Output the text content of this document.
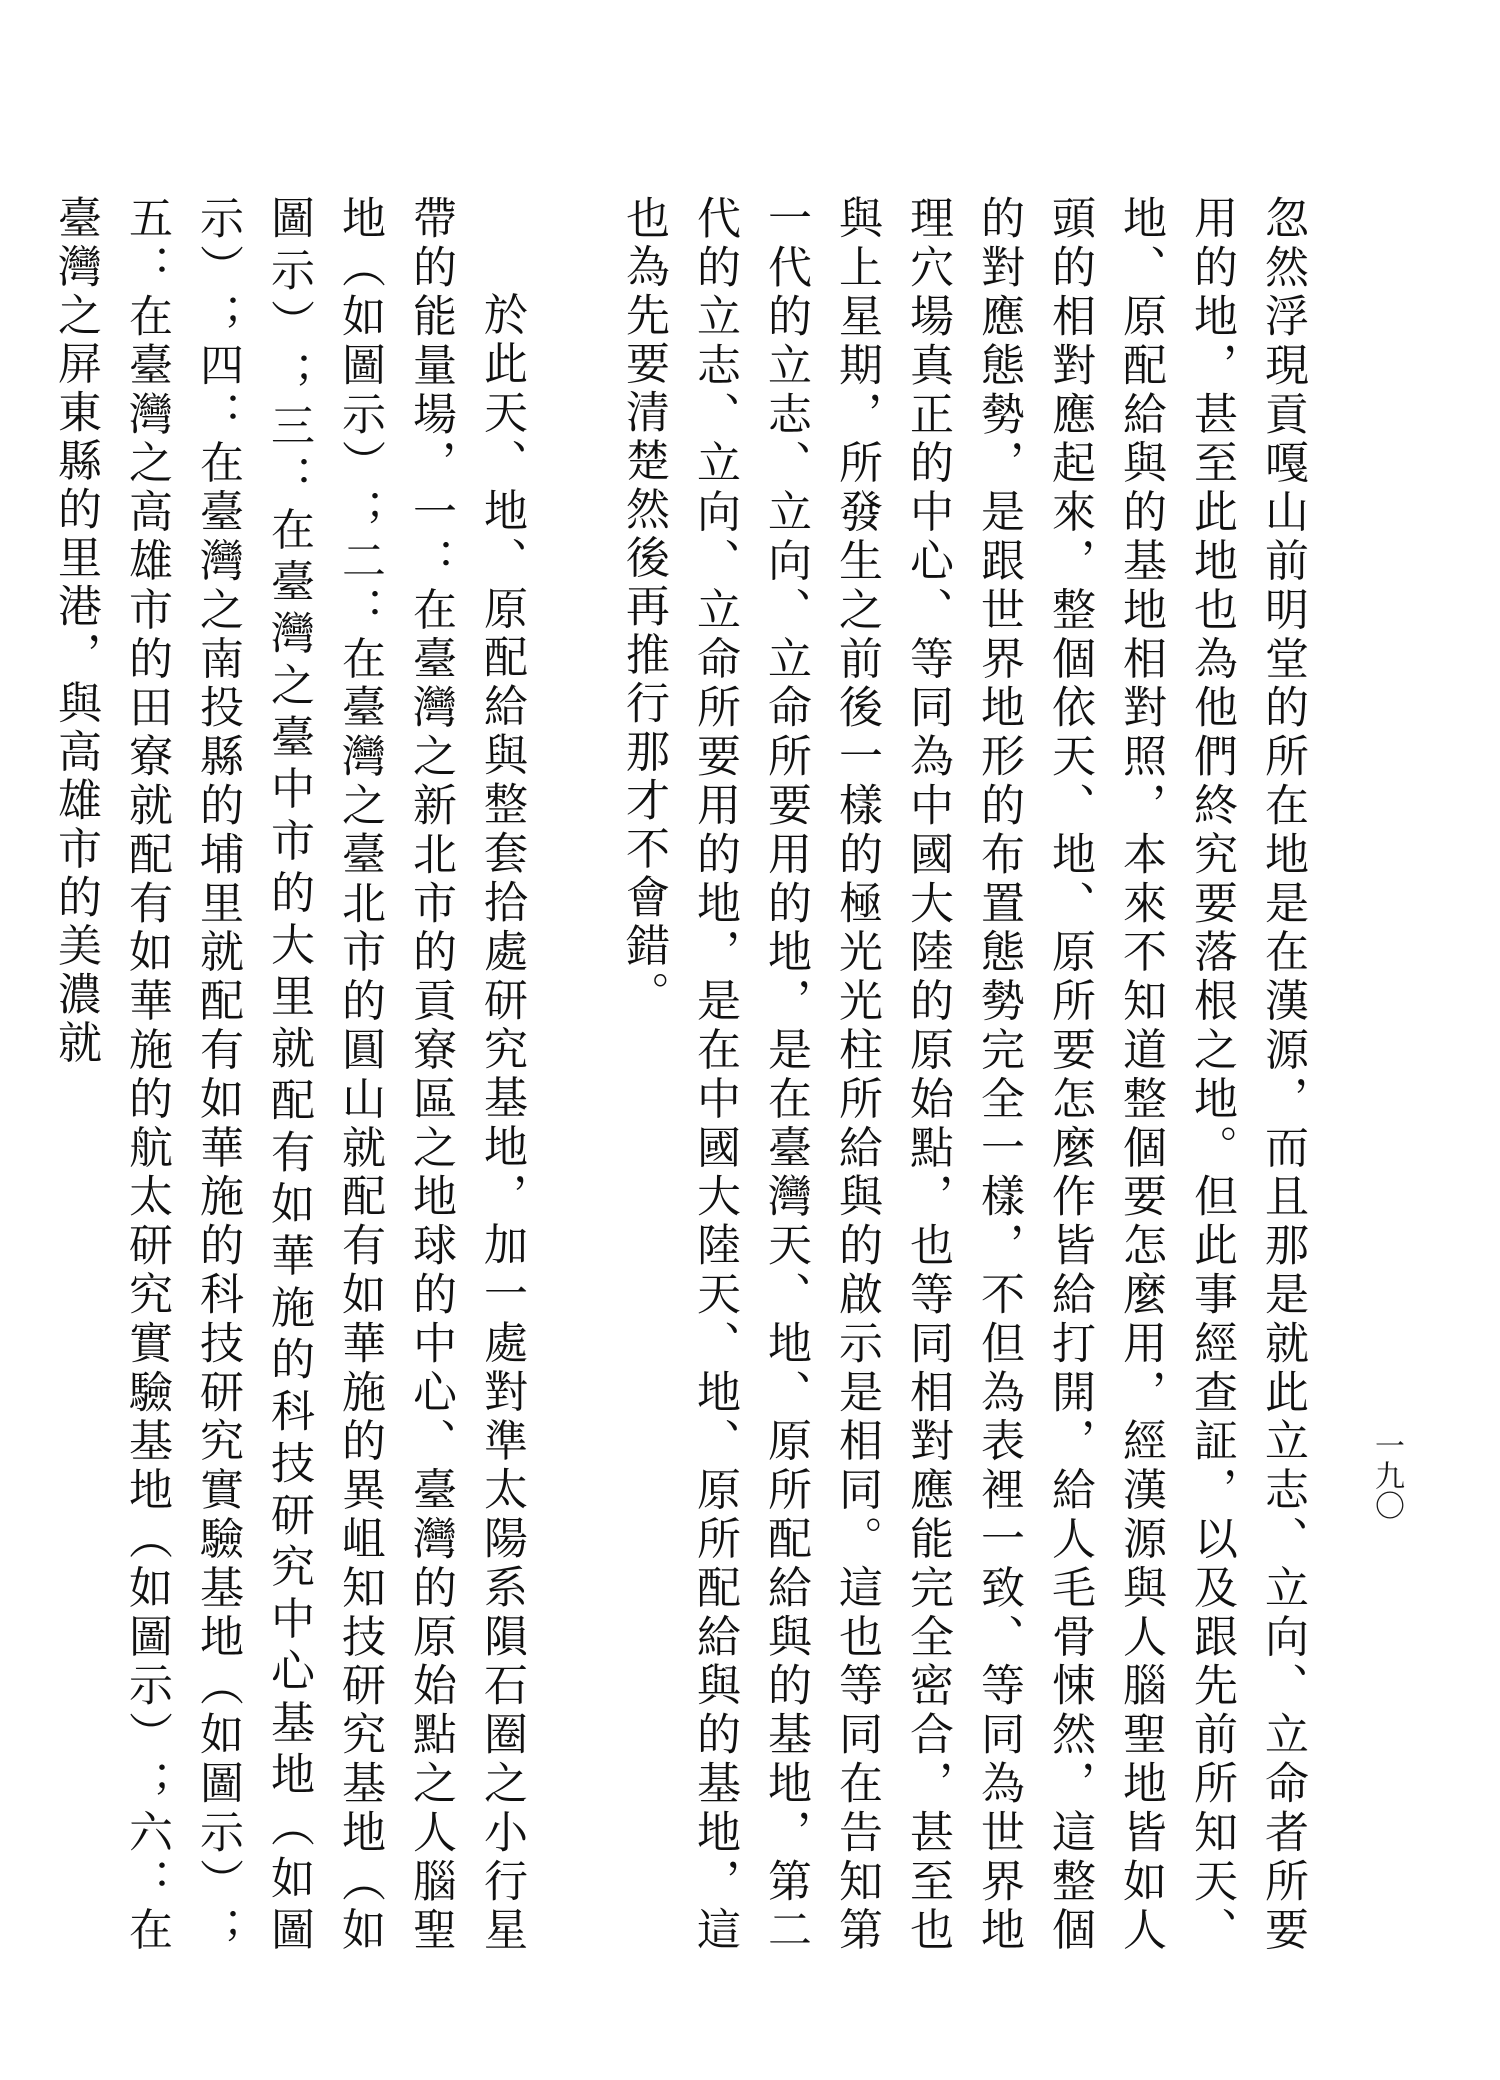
一九〇

忽然浮現貢嘎山前明堂的所在地是在漢源，而且那是就此立志、立向、立命者所要用的地，甚至此地也為他們終究要落根之地。但此事經查証，以及跟先前所知天、地、原配給與的基地相對照，本來不知道整個要怎麼用，經漢源與人腦聖地皆如人頭的相對應起來，整個依天、地、原所要怎麼作皆給打開，給人毛骨悚然，這整個的對應態勢，是跟世界地形的布置態勢完全一樣，不但為表裡一致、等同為世界地理穴場真正的中心、等同為中國大陸的原始點，也等同相對應能完全密合，甚至也與上星期，所發生之前後一樣的極光光柱所給與的啟示是相同。這也等同在告知第一代的立志、立向、立命所要用的地，是在臺灣天、地、原所配給與的基地，第二代的立志、立向、立命所要用的地，是在中國大陸天、地、原所配給與的基地，這也為先要清楚然後再推行那才不會錯。

於此天、地、原配給與整套拾處研究基地，加一處對準太陽系隕石圈之小行星帶的能量場，一：在臺灣之新北市的貢寮區之地球的中心、臺灣的原始點之人腦聖地（如圖示）；二：在臺灣之臺北市的圓山就配有如華施的異岨知技研究基地（如圖示）；三：在臺灣之臺中市的大里就配有如華施的科技研究中心基地（如圖示）；四：在臺灣之南投縣的埔里就配有如華施的科技研究實驗基地（如圖示）；五：在臺灣之高雄市的田寮就配有如華施的航太研究實驗基地（如圖示）；六：在臺灣之屏東縣的里港，與高雄市的美濃就
